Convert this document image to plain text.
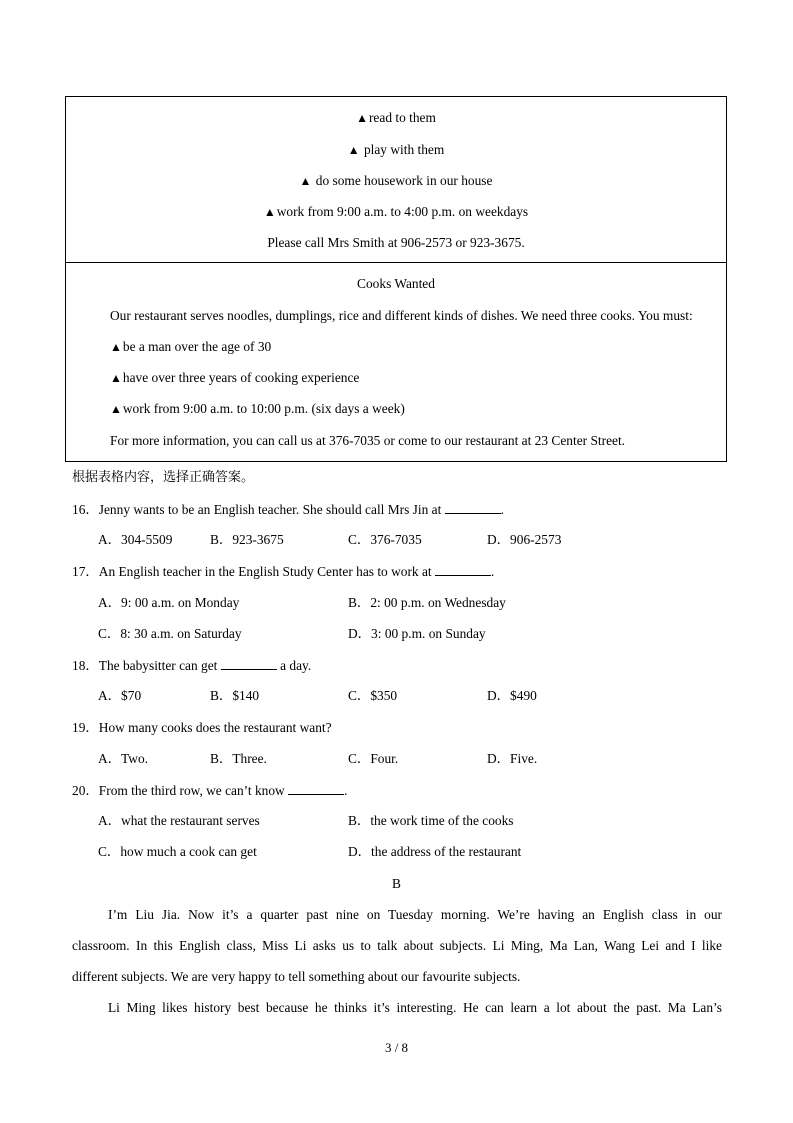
▲ read to them
▲ play with them
▲ do some housework in our house
▲ work from 9:00 a.m. to 4:00 p.m. on weekdays
Please call Mrs Smith at 906-2573 or 923-3675.
Cooks Wanted
Our restaurant serves noodles, dumplings, rice and different kinds of dishes. We need three cooks. You must:
▲ be a man over the age of 30
▲ have over three years of cooking experience
▲ work from 9:00 a.m. to 10:00 p.m. (six days a week)
For more information, you can call us at 376-7035 or come to our restaurant at 23 Center Street.
根据表格内容，选择正确答案。
16．Jenny wants to be an English teacher. She should call Mrs Jin at	.
A．304-5509	B．923-3675	C．376-7035	D．906-2573
17．An English teacher in the English Study Center has to work at	.
A．9: 00 a.m. on Monday	B．2: 00 p.m. on Wednesday
C．8: 30 a.m. on Saturday	D．3: 00 p.m. on Sunday
18．The babysitter can get	a day.
A．$70	B．$140	C．$350	D．$490
19．How many cooks does the restaurant want?
A．Two.	B．Three.	C．Four.	D．Five.
20．From the third row, we can’t know	.
A．what the restaurant serves	B．the work time of the cooks
C．how much a cook can get	D．the address of the restaurant
B
I’m Liu Jia. Now it’s a quarter past nine on Tuesday morning. We’re having an English class in our
classroom. In this English class, Miss Li asks us to talk about subjects. Li Ming, Ma Lan, Wang Lei and I like
different subjects. We are very happy to tell something about our favourite subjects.
Li Ming likes history best because he thinks it’s interesting. He can learn a lot about the past. Ma Lan’s
3 / 8
